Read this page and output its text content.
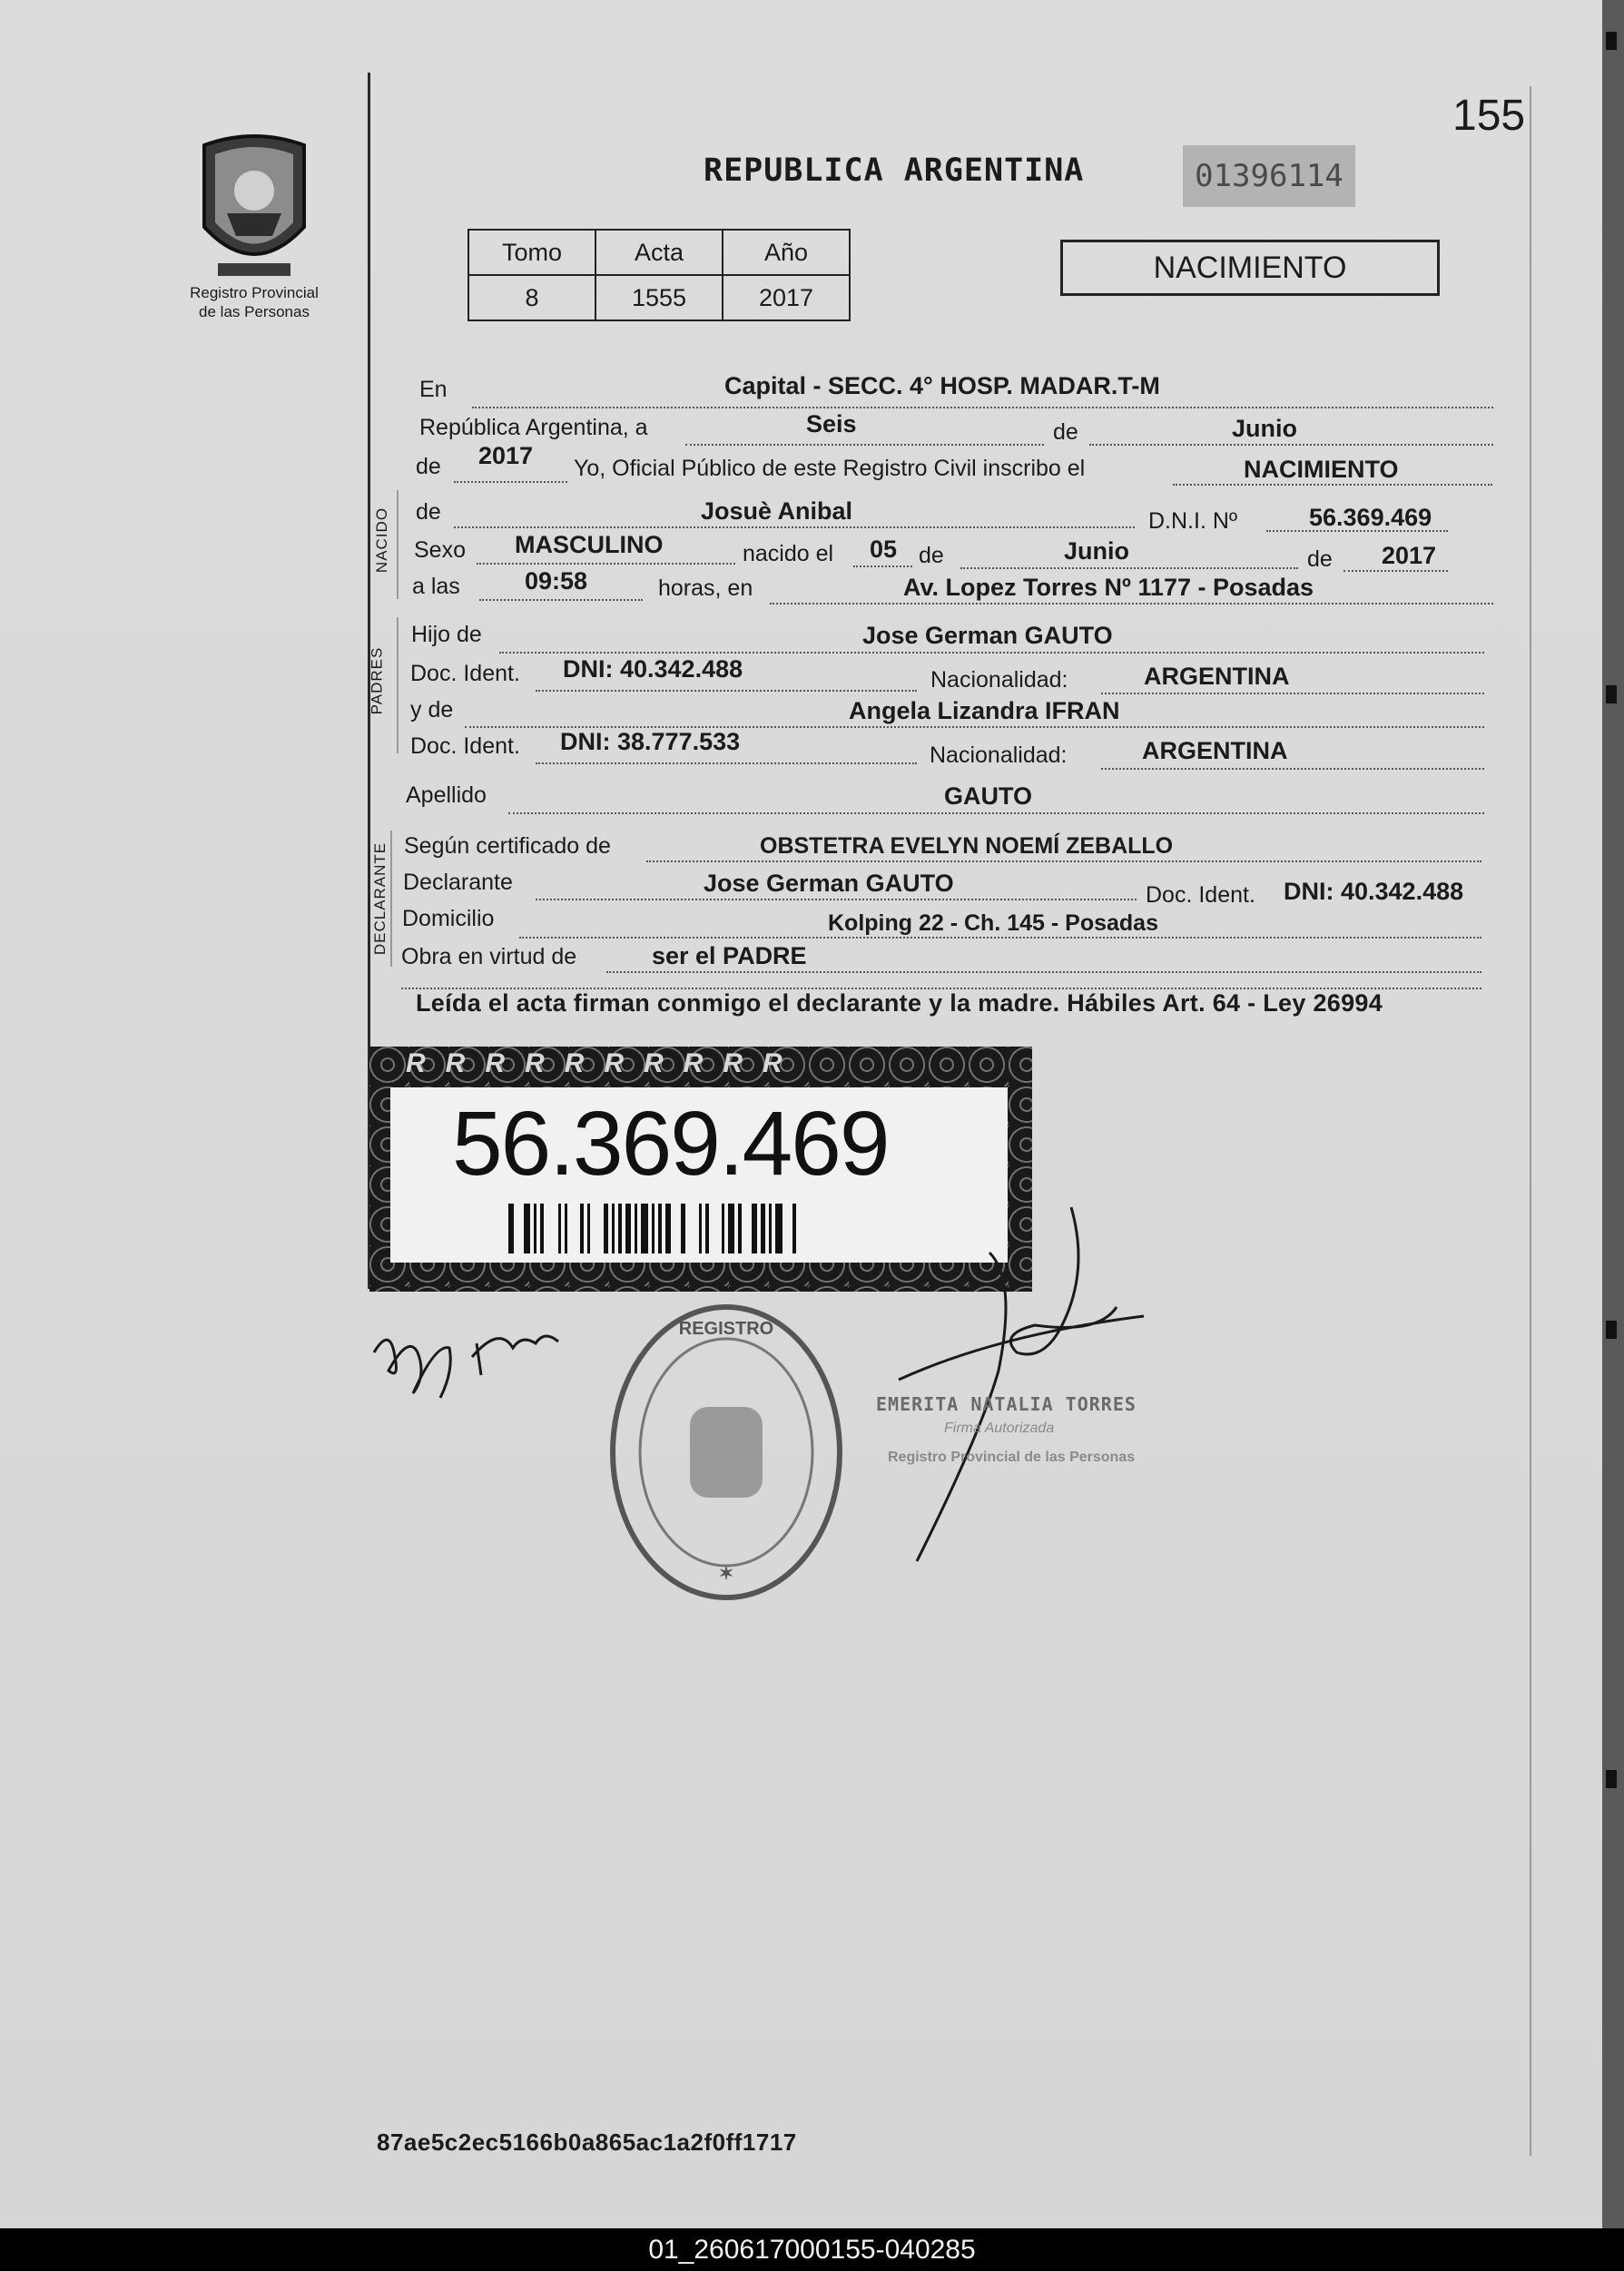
155
Registro Provincial
de las Personas
REPUBLICA ARGENTINA	01396114
Tomo	Acta	Año
8	1555	2017
NACIMIENTO
NACIDO
PADRES
DECLARANTE
En	Capital - SECC. 4° HOSP. MADAR.T-M
República Argentina, a	Seis	de	Junio
de 2017 Yo, Oficial Público de este Registro Civil inscribo el	NACIMIENTO
de	Josuè Anibal	D.N.I. Nº	56.369.469
Sexo MASCULINO	nacido el 05 de	Junio	de 2017
a las	09:58	horas, en	Av. Lopez Torres Nº 1177 - Posadas
Hijo de	Jose German GAUTO
Doc. Ident. DNI: 40.342.488	Nacionalidad:	ARGENTINA
y de	Angela Lizandra IFRAN
Doc. Ident. DNI: 38.777.533	Nacionalidad:	ARGENTINA
Apellido	GAUTO
Según certificado de	OBSTETRA EVELYN NOEMÍ ZEBALLO
Declarante	Jose German GAUTO	Doc. Ident. DNI: 40.342.488
Domicilio	Kolping 22 - Ch. 145 - Posadas
Obra en virtud de	ser el PADRE
Leída el acta firman conmigo el declarante y la madre. Hábiles Art. 64 - Ley 26994
RRRRRRRRRR
56.369.469
REGISTRO
✶
EMERITA NATALIA TORRES
Firma Autorizada
Registro Provincial de las Personas
87ae5c2ec5166b0a865ac1a2f0ff1717
01_260617000155-040285
